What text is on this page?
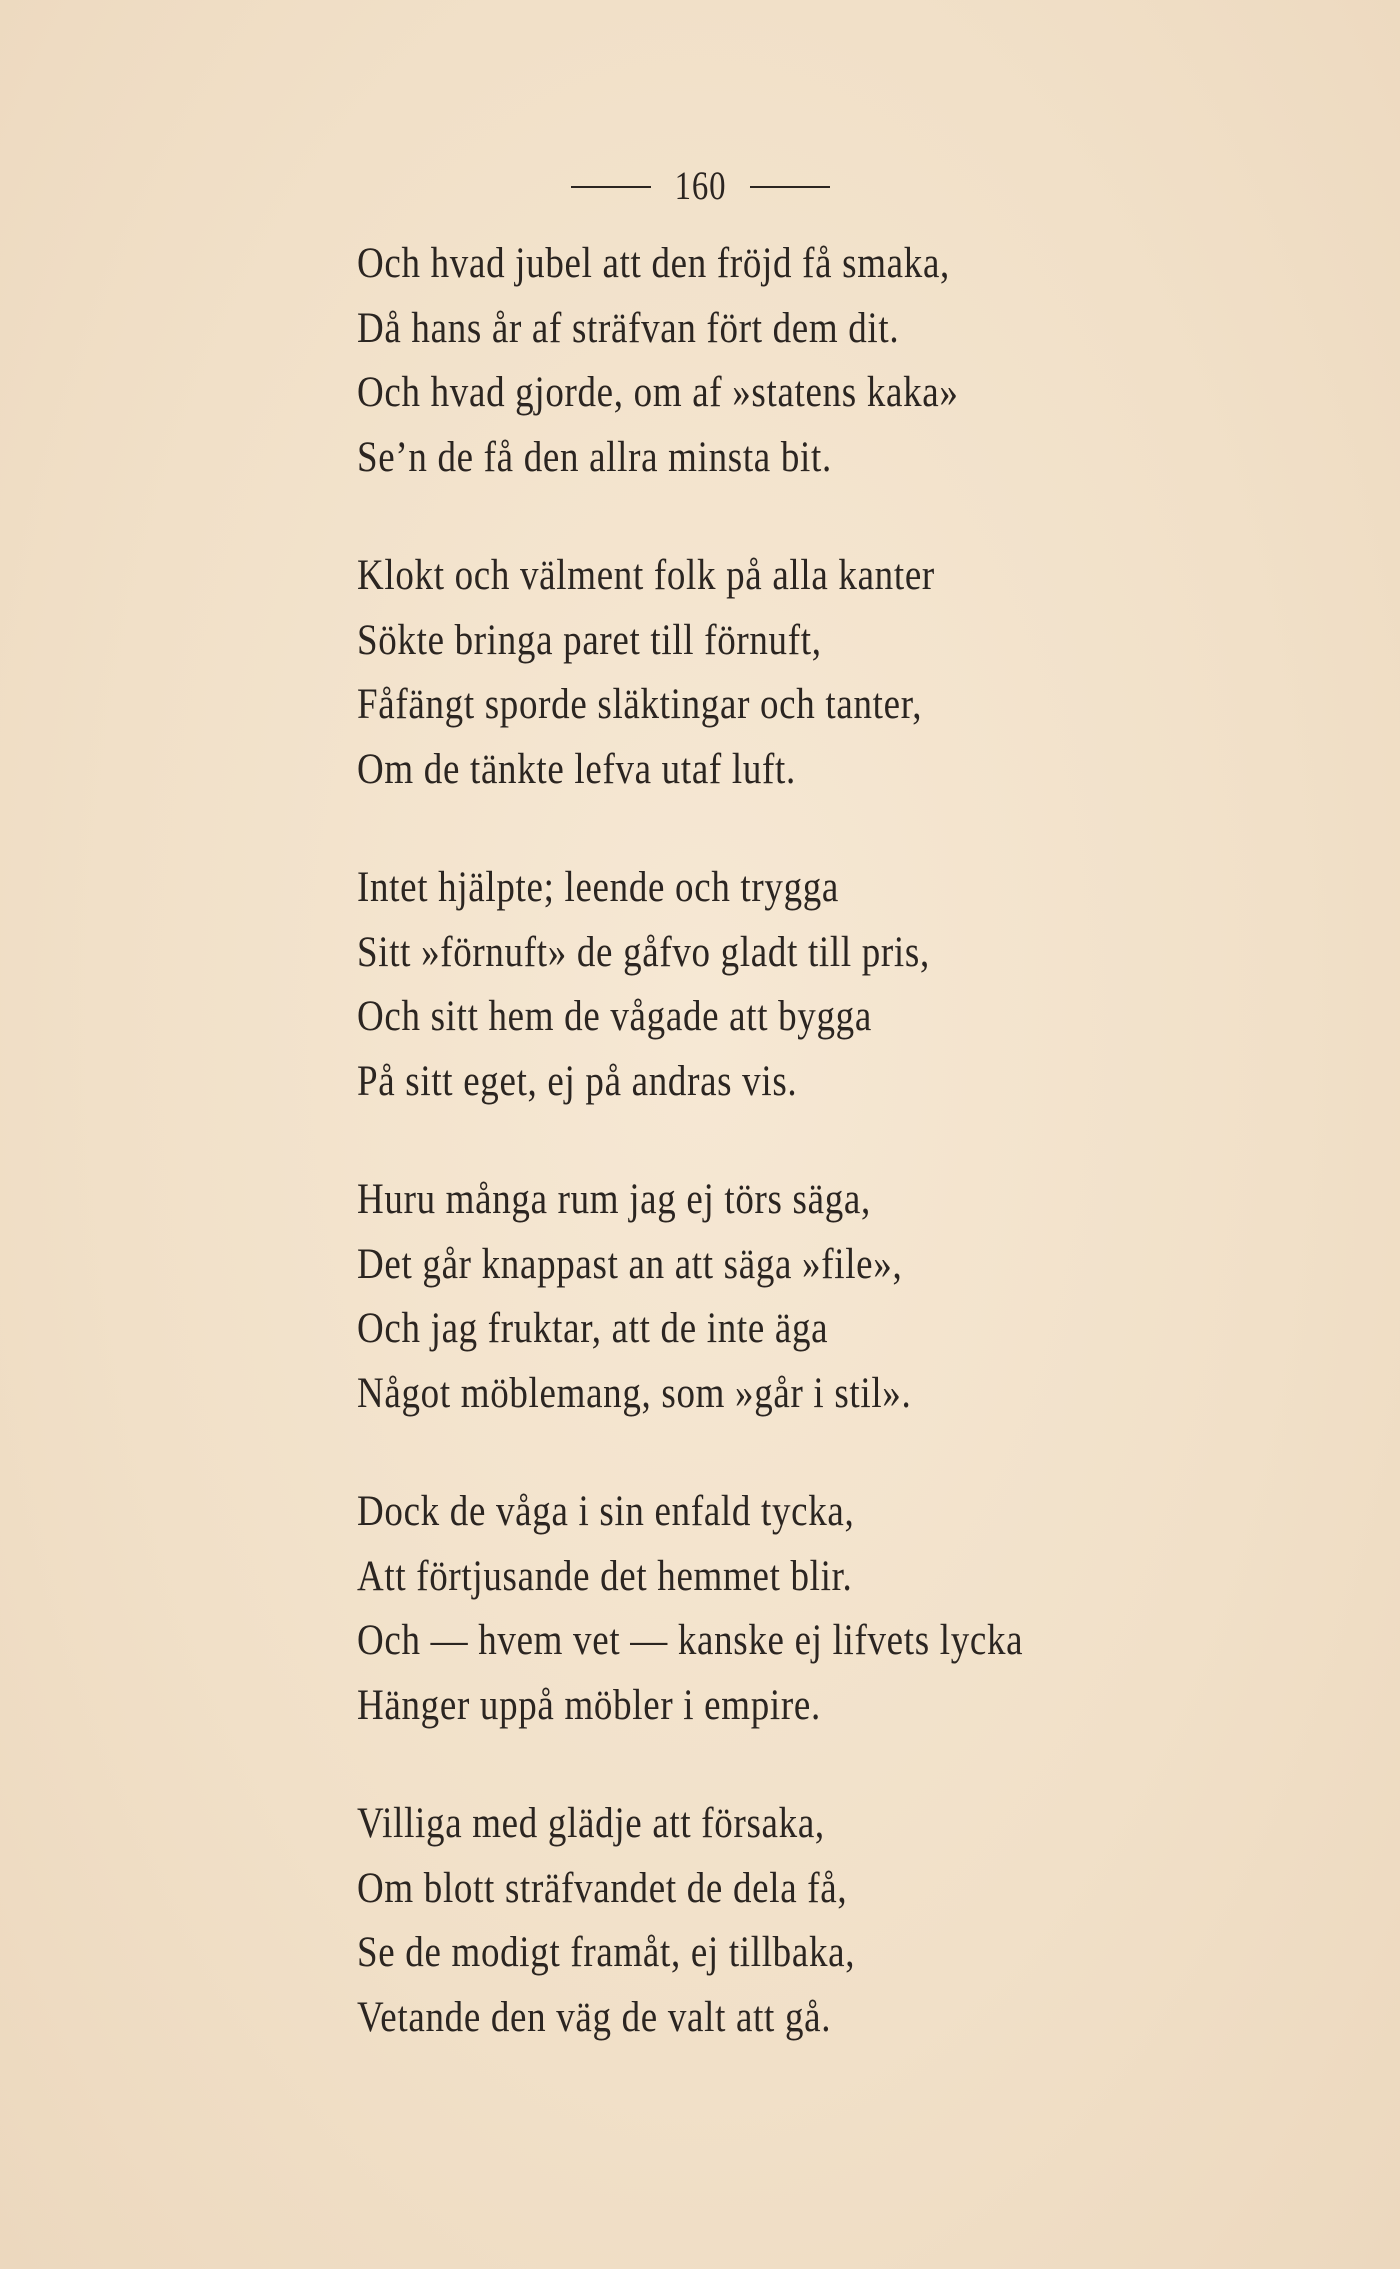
160
Och hvad jubel att den fröjd få smaka,
Då hans år af sträfvan fört dem dit.
Och hvad gjorde, om af »statens kaka»
Se’n de få den allra minsta bit.
Klokt och välment folk på alla kanter
Sökte bringa paret till förnuft,
Fåfängt sporde släktingar och tanter,
Om de tänkte lefva utaf luft.
Intet hjälpte; leende och trygga
Sitt »förnuft» de gåfvo gladt till pris,
Och sitt hem de vågade att bygga
På sitt eget, ej på andras vis.
Huru många rum jag ej törs säga,
Det går knappast an att säga »file»,
Och jag fruktar, att de inte äga
Något möblemang, som »går i stil».
Dock de våga i sin enfald tycka,
Att förtjusande det hemmet blir.
Och — hvem vet — kanske ej lifvets lycka
Hänger uppå möbler i empire.
Villiga med glädje att försaka,
Om blott sträfvandet de dela få,
Se de modigt framåt, ej tillbaka,
Vetande den väg de valt att gå.
